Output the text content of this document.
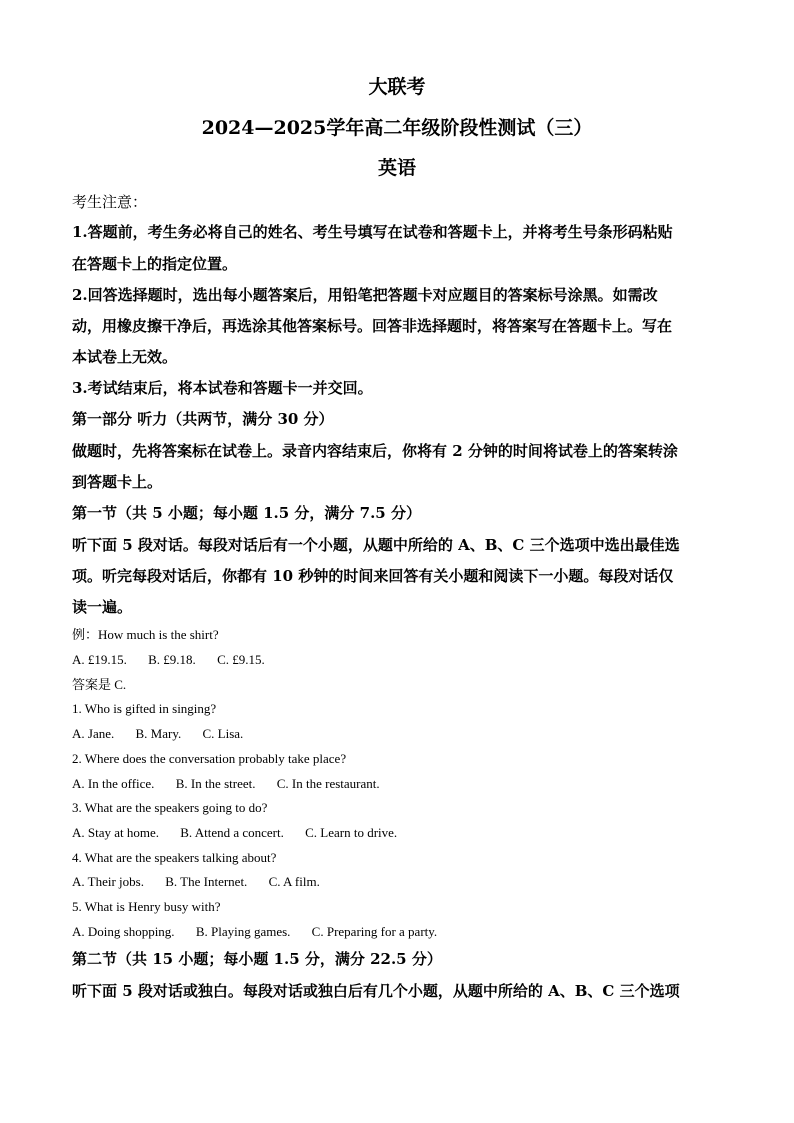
大联考
2024—2025学年高二年级阶段性测试（三）
英语
考生注意：
1.答题前，考生务必将自己的姓名、考生号填写在试卷和答题卡上，并将考生号条形码粘贴
在答题卡上的指定位置。
2.回答选择题时，选出每小题答案后，用铅笔把答题卡对应题目的答案标号涂黑。如需改
动，用橡皮擦干净后，再选涂其他答案标号。回答非选择题时，将答案写在答题卡上。写在
本试卷上无效。
3.考试结束后，将本试卷和答题卡一并交回。
第一部分 听力（共两节，满分 30 分）
做题时，先将答案标在试卷上。录音内容结束后，你将有 2 分钟的时间将试卷上的答案转涂
到答题卡上。
第一节（共 5 小题；每小题 1.5 分，满分 7.5 分）
听下面 5 段对话。每段对话后有一个小题，从题中所给的 A、B、C 三个选项中选出最佳选
项。听完每段对话后，你都有 10 秒钟的时间来回答有关小题和阅读下一小题。每段对话仅
读一遍。
例：How much is the shirt?
A. £19.15. B. £9.18. C. £9.15.
答案是 C.
1. Who is gifted in singing?
A. Jane. B. Mary. C. Lisa.
2. Where does the conversation probably take place?
A. In the office. B. In the street. C. In the restaurant.
3. What are the speakers going to do?
A. Stay at home. B. Attend a concert. C. Learn to drive.
4. What are the speakers talking about?
A. Their jobs. B. The Internet. C. A film.
5. What is Henry busy with?
A. Doing shopping. B. Playing games. C. Preparing for a party.
第二节（共 15 小题；每小题 1.5 分，满分 22.5 分）
听下面 5 段对话或独白。每段对话或独白后有几个小题，从题中所给的 A、B、C 三个选项
